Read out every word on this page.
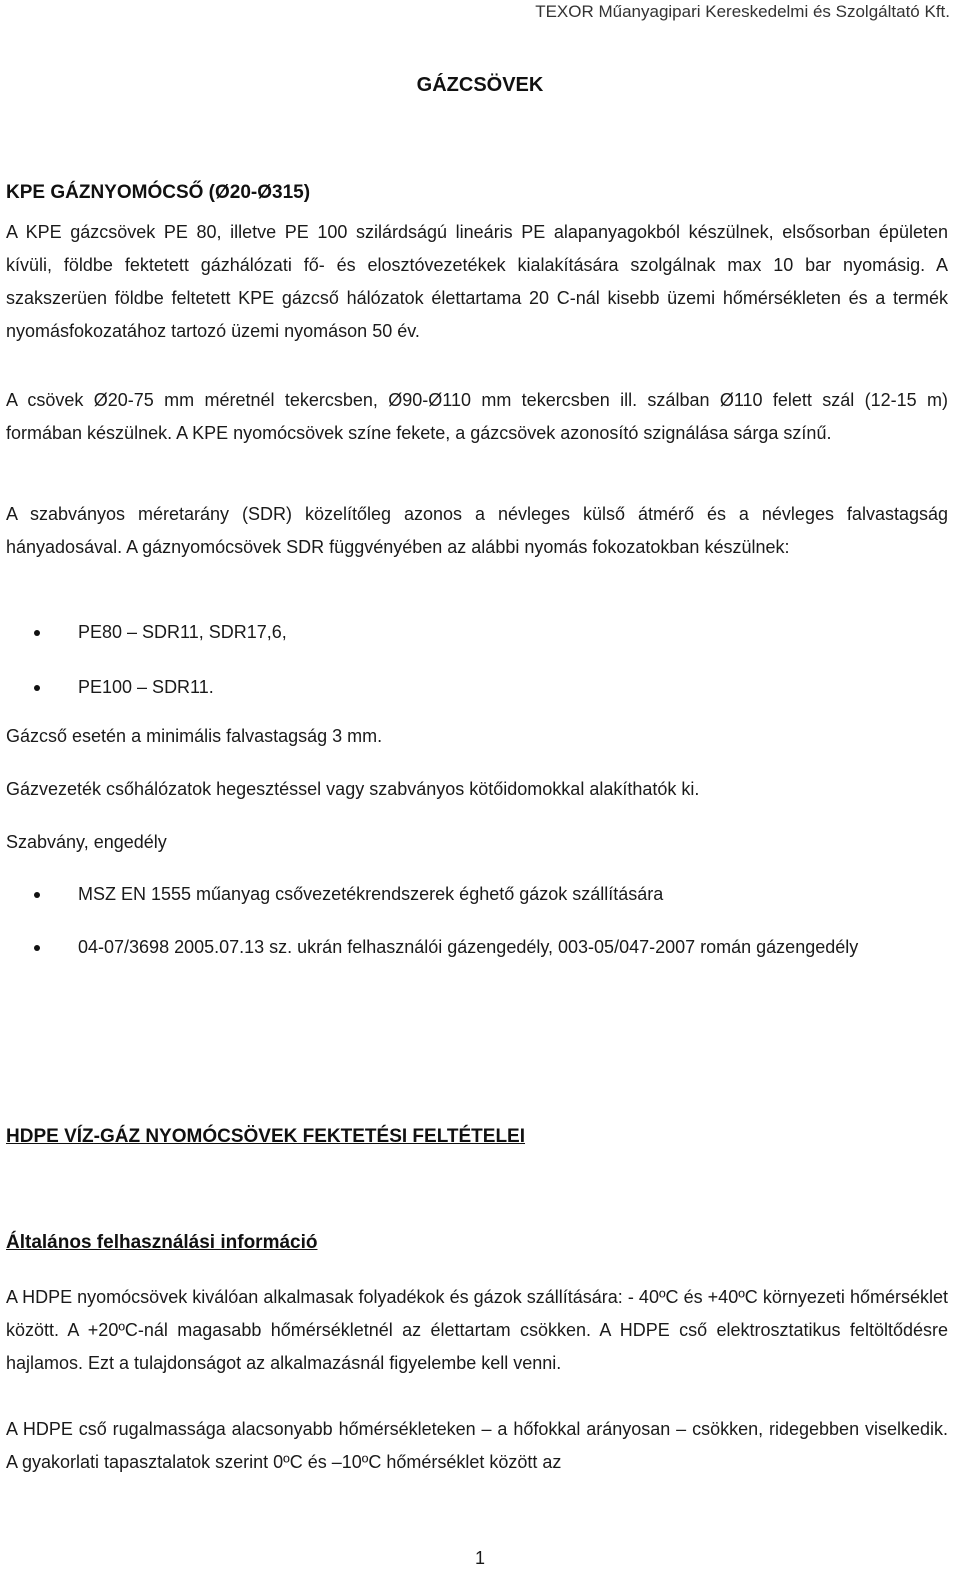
TEXOR Műanyagipari Kereskedelmi és Szolgáltató Kft.
GÁZCSÖVEK
KPE GÁZNYOMÓCSŐ (Ø20-Ø315)

A KPE gázcsövek PE 80, illetve PE 100 szilárdságú lineáris PE alapanyagokból készülnek, elsősorban épületen kívüli, földbe fektetett gázhálózati fő- és elosztóvezetékek kialakítására szolgálnak max 10 bar nyomásig. A szakszerüen földbe feltetett KPE gázcső hálózatok élettartama 20 C-nál kisebb üzemi hőmérsékleten és a termék nyomásfokozatához tartozó üzemi nyomáson 50 év.

A csövek Ø20-75 mm méretnél tekercsben, Ø90-Ø110 mm tekercsben ill. szálban Ø110 felett szál (12-15 m) formában készülnek. A KPE nyomócsövek színe fekete, a gázcsövek azonosító szignálása sárga színű.

A szabványos méretarány (SDR) közelítőleg azonos a névleges külső átmérő és a névleges falvastagság hányadosával. A gáznyomócsövek SDR függvényében az alábbi nyomás fokozatokban készülnek:

PE80 – SDR11, SDR17,6,
PE100 – SDR11.

Gázcső esetén a minimális falvastagság 3 mm.

Gázvezeték csőhálózatok hegesztéssel vagy szabványos kötőidomokkal alakíthatók ki.

Szabvány, engedély

MSZ EN 1555 műanyag csővezetékrendszerek éghető gázok szállítására
04-07/3698 2005.07.13 sz. ukrán felhasználói gázengedély, 003-05/047-2007 román gázengedély
HDPE VÍZ-GÁZ NYOMÓCSÖVEK FEKTETÉSI FELTÉTELEI
Általános felhasználási információ

A HDPE nyomócsövek kiválóan alkalmasak folyadékok és gázok szállítására: - 40ºC és +40ºC környezeti hőmérséklet között. A +20ºC-nál magasabb hőmérsékletnél az élettartam csökken. A HDPE cső elektrosztatikus feltöltődésre hajlamos. Ezt a tulajdonságot az alkalmazásnál figyelembe kell venni.

A HDPE cső rugalmassága alacsonyabb hőmérsékleteken – a hőfokkal arányosan – csökken, ridegebben viselkedik. A gyakorlati tapasztalatok szerint 0ºC és –10ºC hőmérséklet között az

1
